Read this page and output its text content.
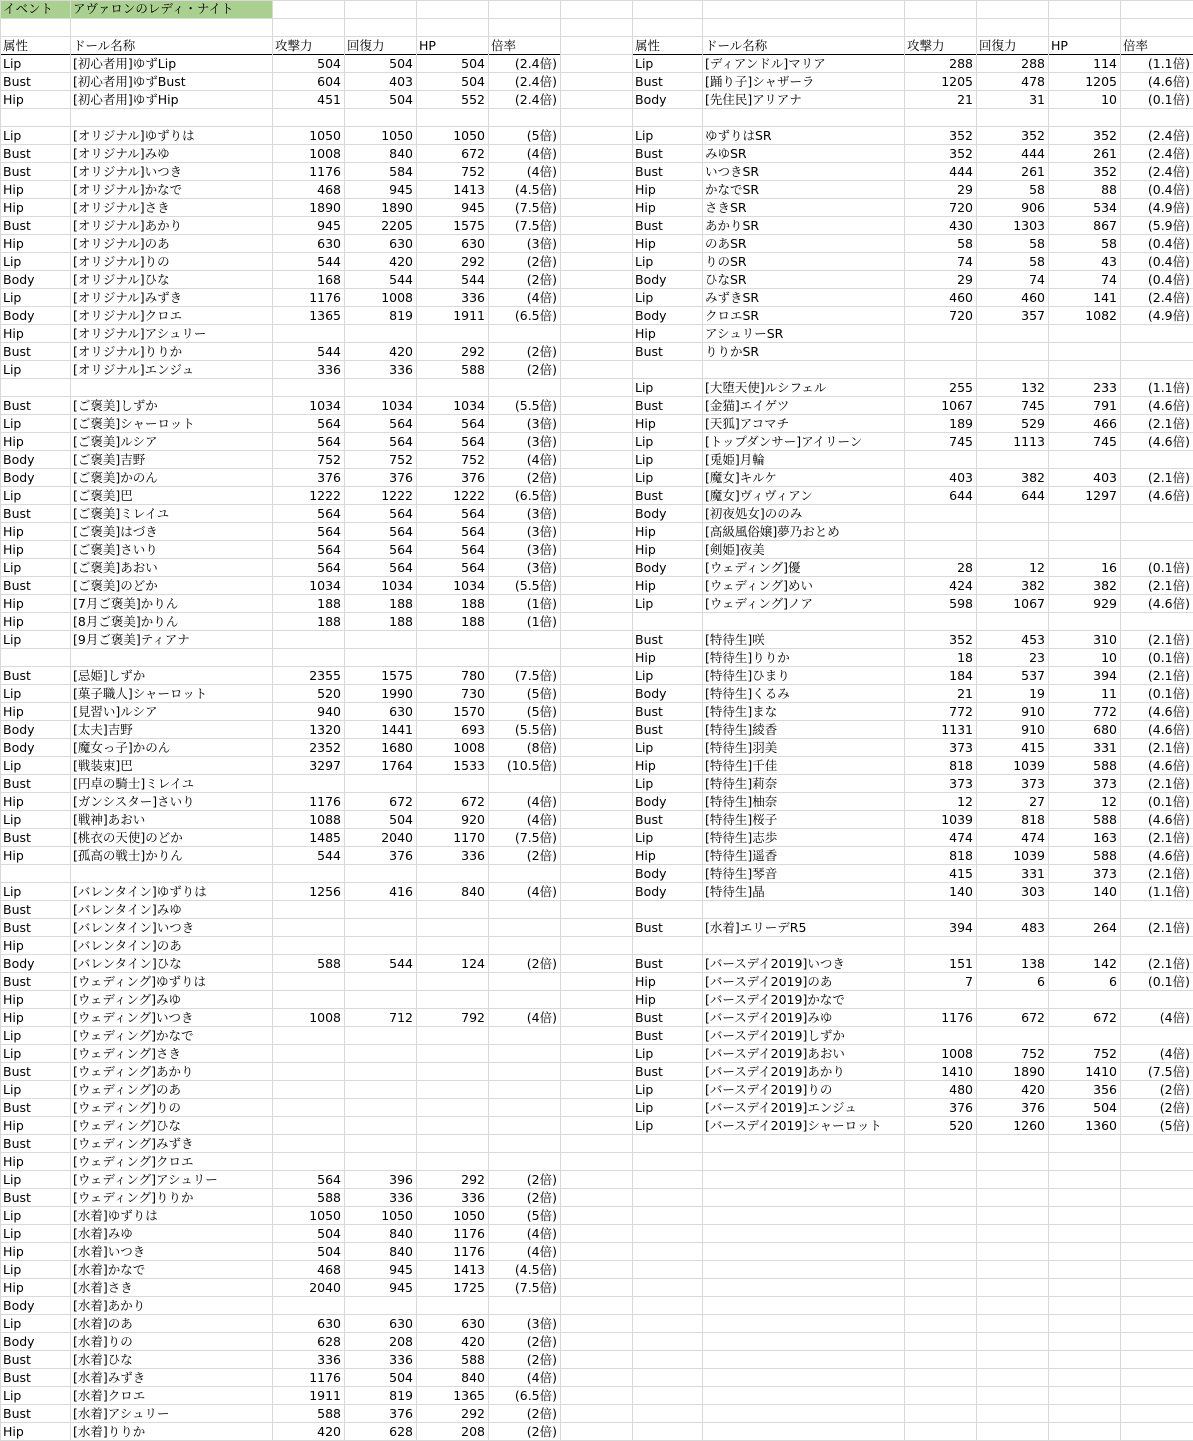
イベント アヴァロンのレディ・ナイト
属性	ドール名称	攻撃力	回復力	HP	倍率
Lip	[初心者用]ゆずLip	504	504	504	(2.4倍)
Bust	[初心者用]ゆずBust	604	403	504	(2.4倍)
Hip	[初心者用]ゆずHip	451	504	552	(2.4倍)
Lip	[オリジナル]ゆずりは	1050	1050	1050	(5倍)
Bust	[オリジナル]みゆ	1008	840	672	(4倍)
Bust	[オリジナル]いつき	1176	584	752	(4倍)
Hip	[オリジナル]かなで	468	945	1413	(4.5倍)
Hip	[オリジナル]さき	1890	1890	945	(7.5倍)
Bust	[オリジナル]あかり	945	2205	1575	(7.5倍)
Hip	[オリジナル]のあ	630	630	630	(3倍)
Lip	[オリジナル]りの	544	420	292	(2倍)
Body	[オリジナル]ひな	168	544	544	(2倍)
Lip	[オリジナル]みずき	1176	1008	336	(4倍)
Body	[オリジナル]クロエ	1365	819	1911	(6.5倍)
Hip	[オリジナル]アシュリー
Bust	[オリジナル]りりか	544	420	292	(2倍)
Lip	[オリジナル]エンジュ	336	336	588	(2倍)
Bust	[ご褒美]しずか	1034	1034	1034	(5.5倍)
Lip	[ご褒美]シャーロット	564	564	564	(3倍)
Hip	[ご褒美]ルシア	564	564	564	(3倍)
Body	[ご褒美]吉野	752	752	752	(4倍)
Body	[ご褒美]かのん	376	376	376	(2倍)
Lip	[ご褒美]巴	1222	1222	1222	(6.5倍)
Bust	[ご褒美]ミレイユ	564	564	564	(3倍)
Hip	[ご褒美]はづき	564	564	564	(3倍)
Hip	[ご褒美]さいり	564	564	564	(3倍)
Lip	[ご褒美]あおい	564	564	564	(3倍)
Bust	[ご褒美]のどか	1034	1034	1034	(5.5倍)
Hip	[7月ご褒美]かりん	188	188	188	(1倍)
Hip	[8月ご褒美]かりん	188	188	188	(1倍)
Lip	[9月ご褒美]ティアナ
Bust	[忌姫]しずか	2355	1575	780	(7.5倍)
Lip	[菓子職人]シャーロット	520	1990	730	(5倍)
Hip	[見習い]ルシア	940	630	1570	(5倍)
Body	[太夫]吉野	1320	1441	693	(5.5倍)
Body	[魔女っ子]かのん	2352	1680	1008	(8倍)
Lip	[戦装束]巴	3297	1764	1533	(10.5倍)
Bust	[円卓の騎士]ミレイユ
Hip	[ガンシスター]さいり	1176	672	672	(4倍)
Lip	[戦神]あおい	1088	504	920	(4倍)
Bust	[桃衣の天使]のどか	1485	2040	1170	(7.5倍)
Hip	[孤高の戦士]かりん	544	376	336	(2倍)
Lip	[バレンタイン]ゆずりは	1256	416	840	(4倍)
Bust	[バレンタイン]みゆ
Bust	[バレンタイン]いつき
Hip	[バレンタイン]のあ
Body	[バレンタイン]ひな	588	544	124	(2倍)
Bust	[ウェディング]ゆずりは
Hip	[ウェディング]みゆ
Hip	[ウェディング]いつき	1008	712	792	(4倍)
Lip	[ウェディング]かなで
Lip	[ウェディング]さき
Bust	[ウェディング]あかり
Lip	[ウェディング]のあ
Bust	[ウェディング]りの
Hip	[ウェディング]ひな
Bust	[ウェディング]みずき
Hip	[ウェディング]クロエ
Lip	[ウェディング]アシュリー	564	396	292	(2倍)
Bust	[ウェディング]りりか	588	336	336	(2倍)
Lip	[水着]ゆずりは	1050	1050	1050	(5倍)
Lip	[水着]みゆ	504	840	1176	(4倍)
Hip	[水着]いつき	504	840	1176	(4倍)
Lip	[水着]かなで	468	945	1413	(4.5倍)
Hip	[水着]さき	2040	945	1725	(7.5倍)
Body	[水着]あかり
Lip	[水着]のあ	630	630	630	(3倍)
Body	[水着]りの	628	208	420	(2倍)
Bust	[水着]ひな	336	336	588	(2倍)
Bust	[水着]みずき	1176	504	840	(4倍)
Lip	[水着]クロエ	1911	819	1365	(6.5倍)
Bust	[水着]アシュリー	588	376	292	(2倍)
Hip	[水着]りりか	420	628	208	(2倍)
属性	ドール名称	攻撃力	回復力	HP	倍率
Lip	[ディアンドル]マリア	288	288	114	(1.1倍)
Bust	[踊り子]シャザーラ	1205	478	1205	(4.6倍)
Body	[先住民]アリアナ	21	31	10	(0.1倍)
Lip	ゆずりはSR	352	352	352	(2.4倍)
Bust	みゆSR	352	444	261	(2.4倍)
Bust	いつきSR	444	261	352	(2.4倍)
Hip	かなでSR	29	58	88	(0.4倍)
Hip	さきSR	720	906	534	(4.9倍)
Bust	あかりSR	430	1303	867	(5.9倍)
Hip	のあSR	58	58	58	(0.4倍)
Lip	りのSR	74	58	43	(0.4倍)
Body	ひなSR	29	74	74	(0.4倍)
Lip	みずきSR	460	460	141	(2.4倍)
Body	クロエSR	720	357	1082	(4.9倍)
Hip	アシュリーSR
Bust	りりかSR
Lip	[大堕天使]ルシフェル	255	132	233	(1.1倍)
Bust	[金猫]エイゲツ	1067	745	791	(4.6倍)
Hip	[天狐]アコマチ	189	529	466	(2.1倍)
Lip	[トップダンサー]アイリーン	745	1113	745	(4.6倍)
Lip	[兎姫]月輪
Lip	[魔女]キルケ	403	382	403	(2.1倍)
Bust	[魔女]ヴィヴィアン	644	644	1297	(4.6倍)
Body	[初夜処女]ののみ
Hip	[高級風俗嬢]夢乃おとめ
Hip	[剣姫]夜美
Body	[ウェディング]優	28	12	16	(0.1倍)
Hip	[ウェディング]めい	424	382	382	(2.1倍)
Lip	[ウェディング]ノア	598	1067	929	(4.6倍)
Bust	[特待生]咲	352	453	310	(2.1倍)
Hip	[特待生]りりか	18	23	10	(0.1倍)
Lip	[特待生]ひまり	184	537	394	(2.1倍)
Body	[特待生]くるみ	21	19	11	(0.1倍)
Bust	[特待生]まな	772	910	772	(4.6倍)
Bust	[特待生]綾香	1131	910	680	(4.6倍)
Lip	[特待生]羽美	373	415	331	(2.1倍)
Hip	[特待生]千佳	818	1039	588	(4.6倍)
Lip	[特待生]莉奈	373	373	373	(2.1倍)
Body	[特待生]柚奈	12	27	12	(0.1倍)
Bust	[特待生]桜子	1039	818	588	(4.6倍)
Lip	[特待生]志歩	474	474	163	(2.1倍)
Hip	[特待生]遥香	818	1039	588	(4.6倍)
Body	[特待生]琴音	415	331	373	(2.1倍)
Body	[特待生]晶	140	303	140	(1.1倍)
Bust	[水着]エリーデR5	394	483	264	(2.1倍)
Bust	[バースデイ2019]いつき	151	138	142	(2.1倍)
Hip	[バースデイ2019]のあ	7	6	6	(0.1倍)
Hip	[バースデイ2019]かなで
Bust	[バースデイ2019]みゆ	1176	672	672	(4倍)
Bust	[バースデイ2019]しずか
Lip	[バースデイ2019]あおい	1008	752	752	(4倍)
Bust	[バースデイ2019]あかり	1410	1890	1410	(7.5倍)
Lip	[バースデイ2019]りの	480	420	356	(2倍)
Lip	[バースデイ2019]エンジュ	376	376	504	(2倍)
Lip	[バースデイ2019]シャーロット	520	1260	1360	(5倍)
